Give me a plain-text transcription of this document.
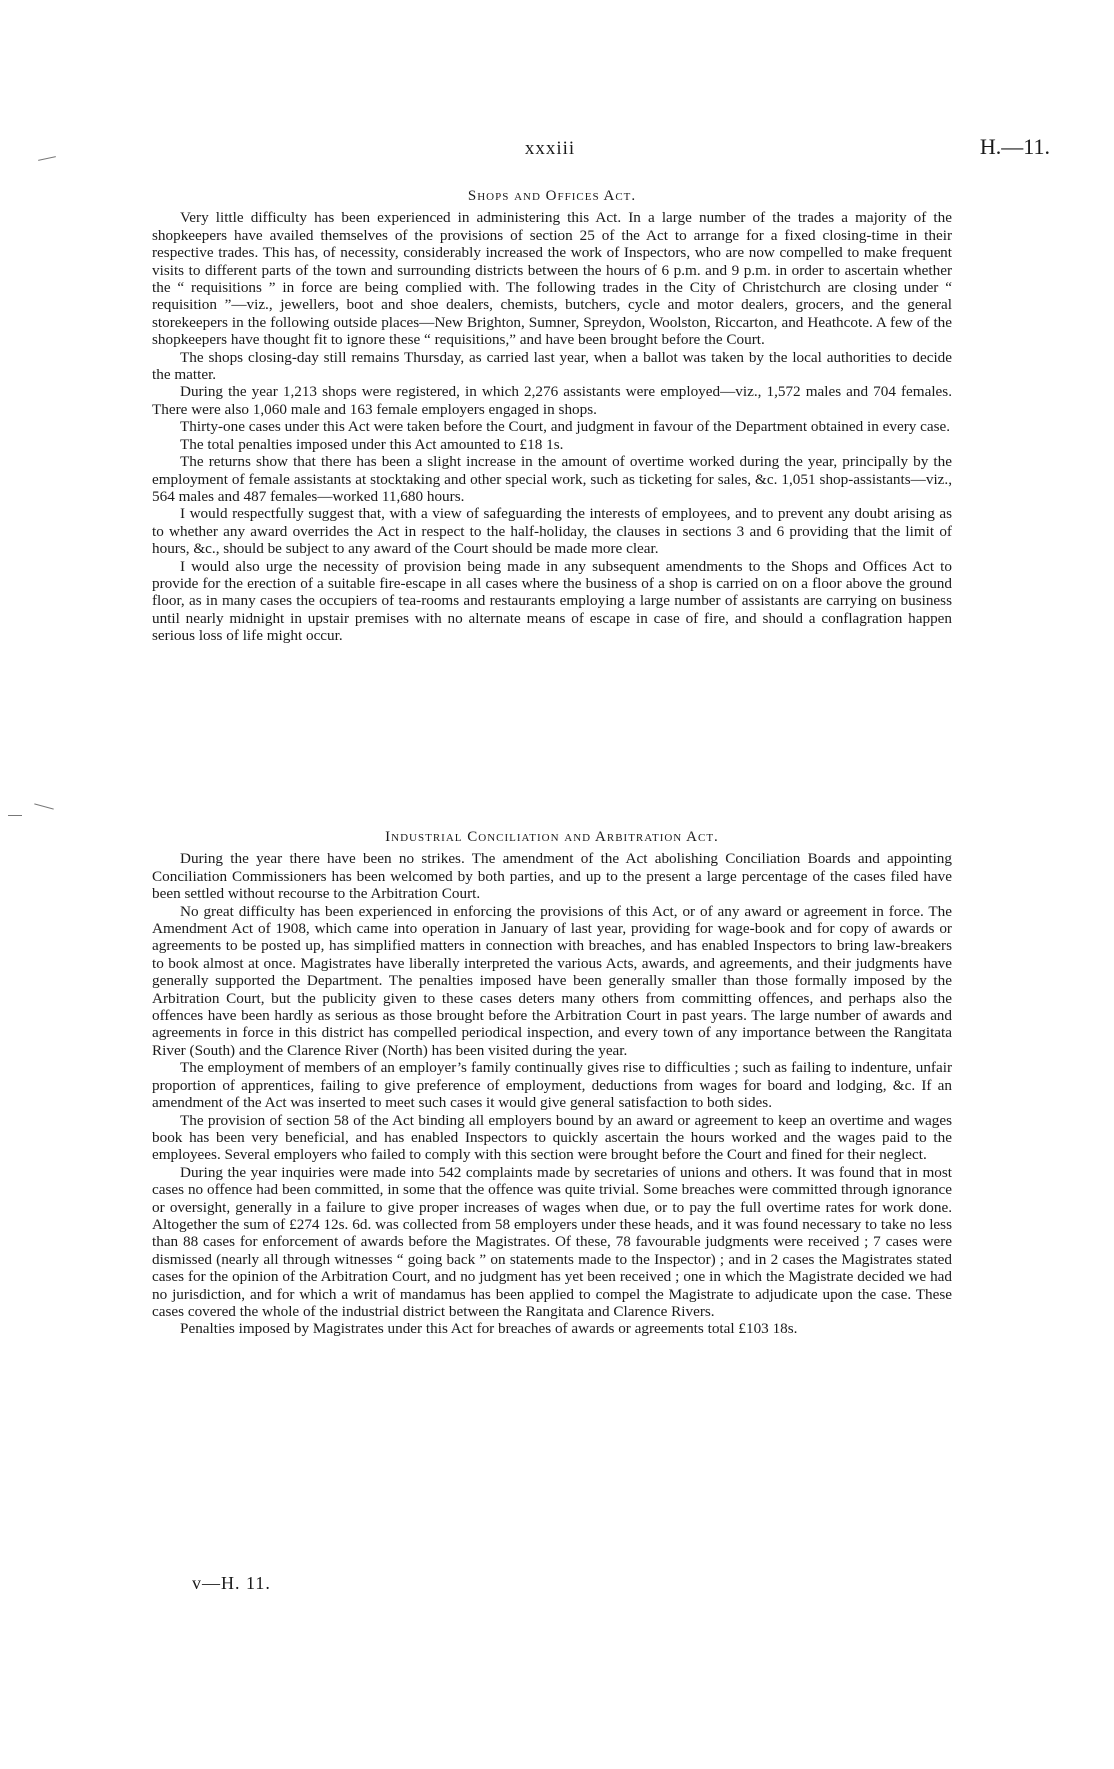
xxxiii	H.—11.
Shops and Offices Act.

Very little difficulty has been experienced in administering this Act. In a large number of the trades a majority of the shopkeepers have availed themselves of the provisions of section 25 of the Act to arrange for a fixed closing-time in their respective trades. This has, of necessity, considerably increased the work of Inspectors, who are now compelled to make frequent visits to different parts of the town and surrounding districts between the hours of 6 p.m. and 9 p.m. in order to ascertain whether the “ requisitions ” in force are being complied with. The following trades in the City of Christchurch are closing under “ requisition ”—viz., jewellers, boot and shoe dealers, chemists, butchers, cycle and motor dealers, grocers, and the general storekeepers in the following outside places—New Brighton, Sumner, Spreydon, Woolston, Riccarton, and Heathcote. A few of the shopkeepers have thought fit to ignore these “ requisitions,” and have been brought before the Court.

The shops closing-day still remains Thursday, as carried last year, when a ballot was taken by the local authorities to decide the matter.

During the year 1,213 shops were registered, in which 2,276 assistants were employed—viz., 1,572 males and 704 females. There were also 1,060 male and 163 female employers engaged in shops.

Thirty-one cases under this Act were taken before the Court, and judgment in favour of the Department obtained in every case.

The total penalties imposed under this Act amounted to £18 1s.

The returns show that there has been a slight increase in the amount of overtime worked during the year, principally by the employment of female assistants at stocktaking and other special work, such as ticketing for sales, &c. 1,051 shop-assistants—viz., 564 males and 487 females—worked 11,680 hours.

I would respectfully suggest that, with a view of safeguarding the interests of employees, and to prevent any doubt arising as to whether any award overrides the Act in respect to the half-holiday, the clauses in sections 3 and 6 providing that the limit of hours, &c., should be subject to any award of the Court should be made more clear.

I would also urge the necessity of provision being made in any subsequent amendments to the Shops and Offices Act to provide for the erection of a suitable fire-escape in all cases where the business of a shop is carried on on a floor above the ground floor, as in many cases the occupiers of tea-rooms and restaurants employing a large number of assistants are carrying on business until nearly midnight in upstair premises with no alternate means of escape in case of fire, and should a conflagration happen serious loss of life might occur.

Industrial Conciliation and Arbitration Act.

During the year there have been no strikes. The amendment of the Act abolishing Conciliation Boards and appointing Conciliation Commissioners has been welcomed by both parties, and up to the present a large percentage of the cases filed have been settled without recourse to the Arbitration Court.

No great difficulty has been experienced in enforcing the provisions of this Act, or of any award or agreement in force. The Amendment Act of 1908, which came into operation in January of last year, providing for wage-book and for copy of awards or agreements to be posted up, has simplified matters in connection with breaches, and has enabled Inspectors to bring law-breakers to book almost at once. Magistrates have liberally interpreted the various Acts, awards, and agreements, and their judgments have generally supported the Department. The penalties imposed have been generally smaller than those formally imposed by the Arbitration Court, but the publicity given to these cases deters many others from committing offences, and perhaps also the offences have been hardly as serious as those brought before the Arbitration Court in past years. The large number of awards and agreements in force in this district has compelled periodical inspection, and every town of any importance between the Rangitata River (South) and the Clarence River (North) has been visited during the year.

The employment of members of an employer’s family continually gives rise to difficulties ; such as failing to indenture, unfair proportion of apprentices, failing to give preference of employment, deductions from wages for board and lodging, &c. If an amendment of the Act was inserted to meet such cases it would give general satisfaction to both sides.

The provision of section 58 of the Act binding all employers bound by an award or agreement to keep an overtime and wages book has been very beneficial, and has enabled Inspectors to quickly ascertain the hours worked and the wages paid to the employees. Several employers who failed to comply with this section were brought before the Court and fined for their neglect.

During the year inquiries were made into 542 complaints made by secretaries of unions and others. It was found that in most cases no offence had been committed, in some that the offence was quite trivial. Some breaches were committed through ignorance or oversight, generally in a failure to give proper increases of wages when due, or to pay the full overtime rates for work done. Altogether the sum of £274 12s. 6d. was collected from 58 employers under these heads, and it was found necessary to take no less than 88 cases for enforcement of awards before the Magistrates. Of these, 78 favourable judgments were received ; 7 cases were dismissed (nearly all through witnesses “ going back ” on statements made to the Inspector) ; and in 2 cases the Magistrates stated cases for the opinion of the Arbitration Court, and no judgment has yet been received ; one in which the Magistrate decided we had no jurisdiction, and for which a writ of mandamus has been applied to compel the Magistrate to adjudicate upon the case. These cases covered the whole of the industrial district between the Rangitata and Clarence Rivers.

Penalties imposed by Magistrates under this Act for breaches of awards or agreements total £103 18s.

v—H. 11.
